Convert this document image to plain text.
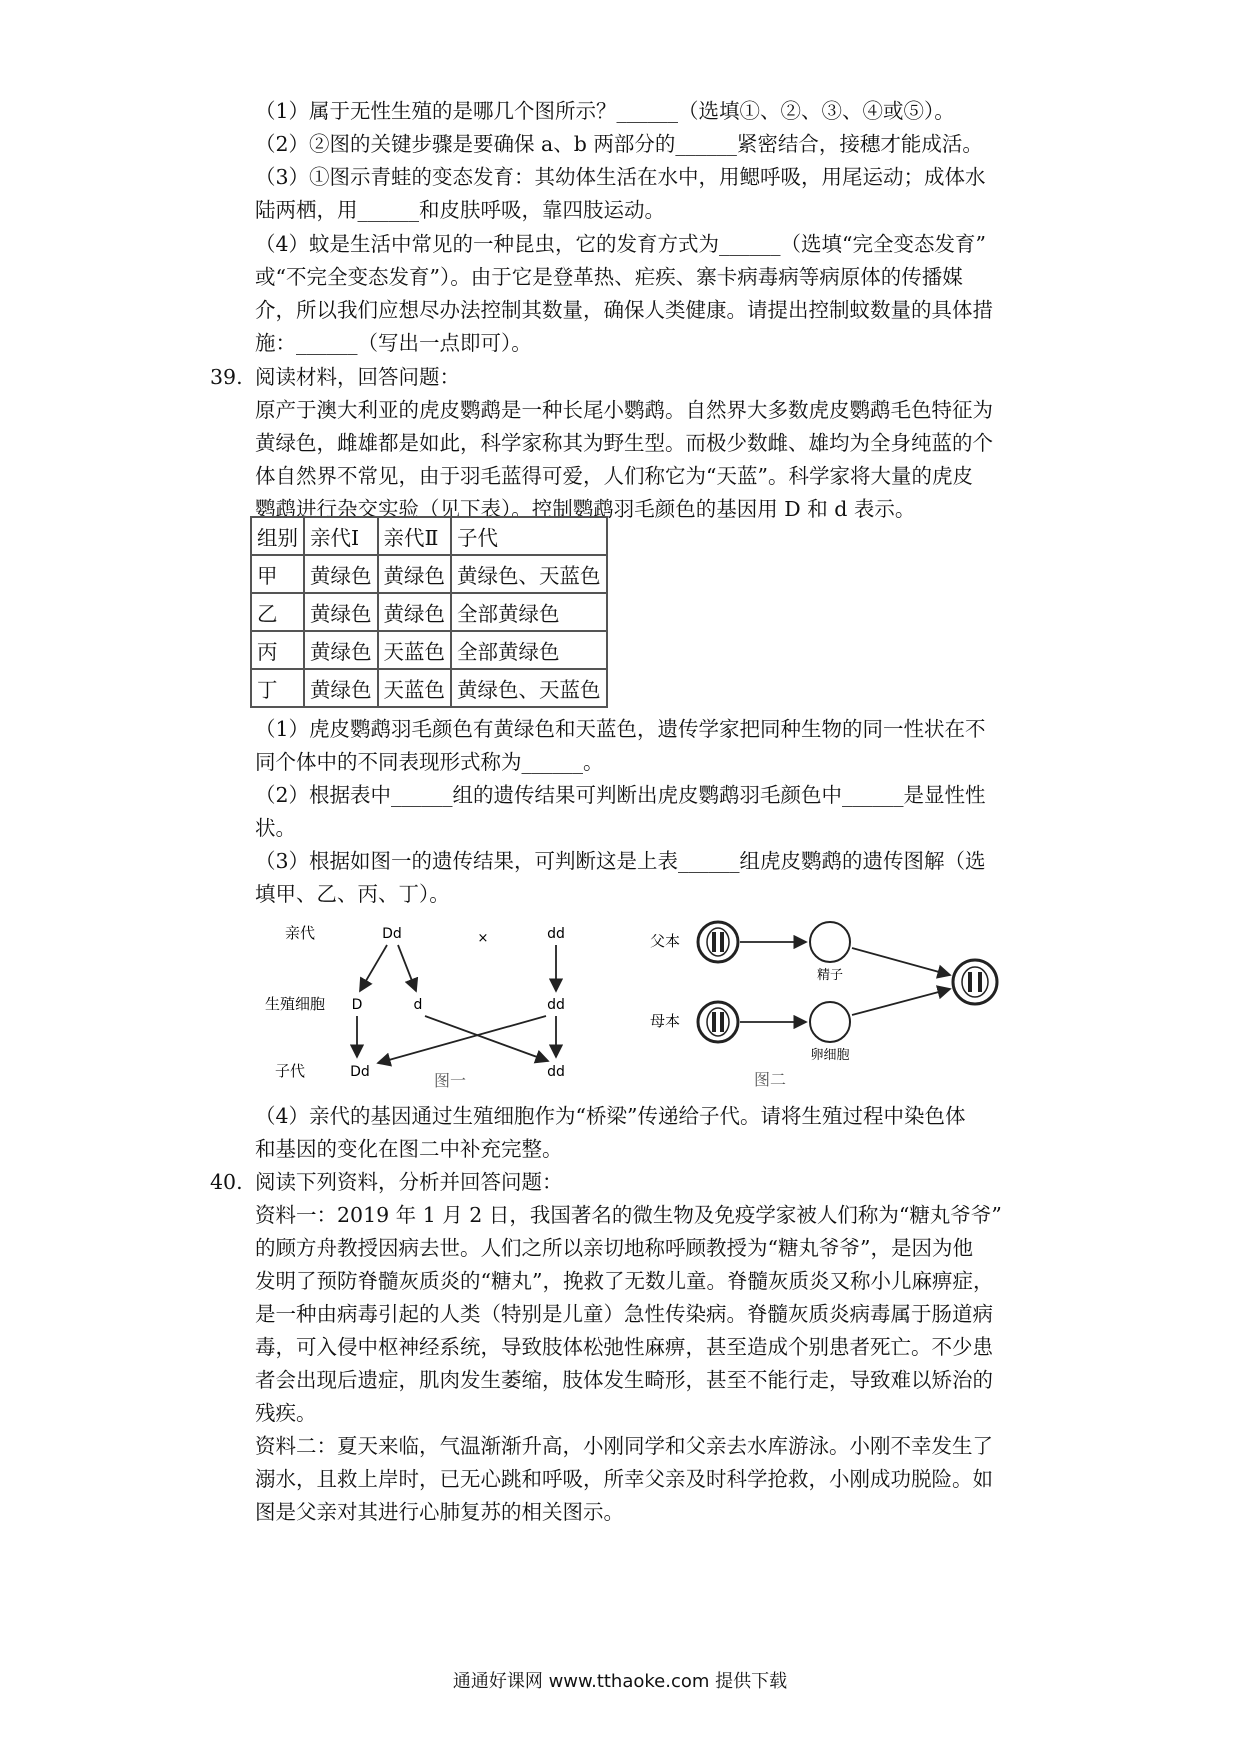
（1）属于无性生殖的是哪几个图所示？______（选填①、②、③、④或⑤）。

（2）②图的关键步骤是要确保 a、b 两部分的______紧密结合，接穗才能成活。

（3）①图示青蛙的变态发育：其幼体生活在水中，用鳃呼吸，用尾运动；成体水

陆两栖，用______和皮肤呼吸，靠四肢运动。

（4）蚊是生活中常见的一种昆虫，它的发育方式为______（选填“完全变态发育”

或“不完全变态发育”）。由于它是登革热、疟疾、寨卡病毒病等病原体的传播媒

介，所以我们应想尽办法控制其数量，确保人类健康。请提出控制蚊数量的具体措

施：______（写出一点即可）。

39. 阅读材料，回答问题：

原产于澳大利亚的虎皮鹦鹉是一种长尾小鹦鹉。自然界大多数虎皮鹦鹉毛色特征为

黄绿色，雌雄都是如此，科学家称其为野生型。而极少数雌、雄均为全身纯蓝的个

体自然界不常见，由于羽毛蓝得可爱，人们称它为“天蓝”。科学家将大量的虎皮

鹦鹉进行杂交实验（见下表）。控制鹦鹉羽毛颜色的基因用 D 和 d 表示。

组别	亲代Ⅰ	亲代Ⅱ	子代
甲	黄绿色	黄绿色	黄绿色、天蓝色
乙	黄绿色	黄绿色	全部黄绿色
丙	黄绿色	天蓝色	全部黄绿色
丁	黄绿色	天蓝色	黄绿色、天蓝色

（1）虎皮鹦鹉羽毛颜色有黄绿色和天蓝色，遗传学家把同种生物的同一性状在不

同个体中的不同表现形式称为______。

（2）根据表中______组的遗传结果可判断出虎皮鹦鹉羽毛颜色中______是显性性

状。

（3）根据如图一的遗传结果，可判断这是上表______组虎皮鹦鹉的遗传图解（选

填甲、乙、丙、丁）。

亲代
生殖细胞
子代
Dd	×	dd
D	d	dd
Dd	dd
图一
父本
母本
精子
卵细胞
图二

（4）亲代的基因通过生殖细胞作为“桥梁”传递给子代。请将生殖过程中染色体

和基因的变化在图二中补充完整。

40. 阅读下列资料，分析并回答问题：

资料一：2019 年 1 月 2 日，我国著名的微生物及免疫学家被人们称为“糖丸爷爷”

的顾方舟教授因病去世。人们之所以亲切地称呼顾教授为“糖丸爷爷”，是因为他

发明了预防脊髓灰质炎的“糖丸”，挽救了无数儿童。脊髓灰质炎又称小儿麻痹症，

是一种由病毒引起的人类（特别是儿童）急性传染病。脊髓灰质炎病毒属于肠道病

毒，可入侵中枢神经系统，导致肢体松弛性麻痹，甚至造成个别患者死亡。不少患

者会出现后遗症，肌肉发生萎缩，肢体发生畸形，甚至不能行走，导致难以矫治的

残疾。

资料二：夏天来临，气温渐渐升高，小刚同学和父亲去水库游泳。小刚不幸发生了

溺水，且救上岸时，已无心跳和呼吸，所幸父亲及时科学抢救，小刚成功脱险。如

图是父亲对其进行心肺复苏的相关图示。

通通好课网 www.tthaoke.com 提供下载
